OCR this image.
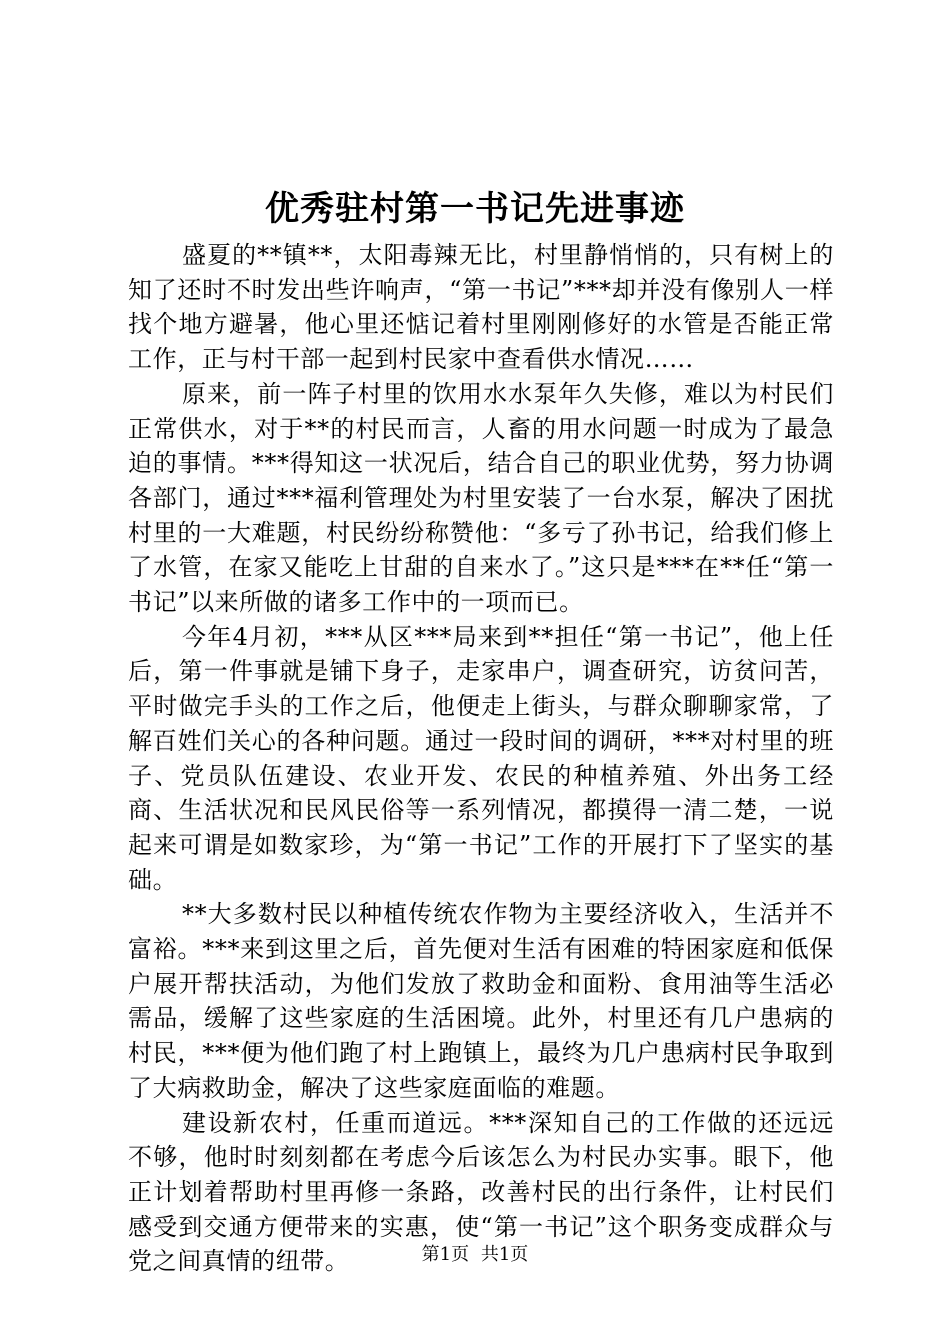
优秀驻村第一书记先进事迹

盛夏的**镇**，太阳毒辣无比，村里静悄悄的，只有树上的知了还时不时发出些许响声，“第一书记”***却并没有像别人一样找个地方避暑，他心里还惦记着村里刚刚修好的水管是否能正常工作，正与村干部一起到村民家中查看供水情况……

原来，前一阵子村里的饮用水水泵年久失修，难以为村民们正常供水，对于**的村民而言，人畜的用水问题一时成为了最急迫的事情。***得知这一状况后，结合自己的职业优势，努力协调各部门，通过***福利管理处为村里安装了一台水泵，解决了困扰村里的一大难题，村民纷纷称赞他：“多亏了孙书记，给我们修上了水管，在家又能吃上甘甜的自来水了。”这只是***在**任“第一书记”以来所做的诸多工作中的一项而已。

今年4月初，***从区***局来到**担任“第一书记”，他上任后，第一件事就是铺下身子，走家串户，调查研究，访贫问苦，平时做完手头的工作之后，他便走上街头，与群众聊聊家常，了解百姓们关心的各种问题。通过一段时间的调研，***对村里的班子、党员队伍建设、农业开发、农民的种植养殖、外出务工经商、生活状况和民风民俗等一系列情况，都摸得一清二楚，一说起来可谓是如数家珍，为“第一书记”工作的开展打下了坚实的基础。

**大多数村民以种植传统农作物为主要经济收入，生活并不富裕。***来到这里之后，首先便对生活有困难的特困家庭和低保户展开帮扶活动，为他们发放了救助金和面粉、食用油等生活必需品，缓解了这些家庭的生活困境。此外，村里还有几户患病的村民，***便为他们跑了村上跑镇上，最终为几户患病村民争取到了大病救助金，解决了这些家庭面临的难题。

建设新农村，任重而道远。***深知自己的工作做的还远远不够，他时时刻刻都在考虑今后该怎么为村民办实事。眼下，他正计划着帮助村里再修一条路，改善村民的出行条件，让村民们感受到交通方便带来的实惠，使“第一书记”这个职务变成群众与党之间真情的纽带。	第1页 共1页
